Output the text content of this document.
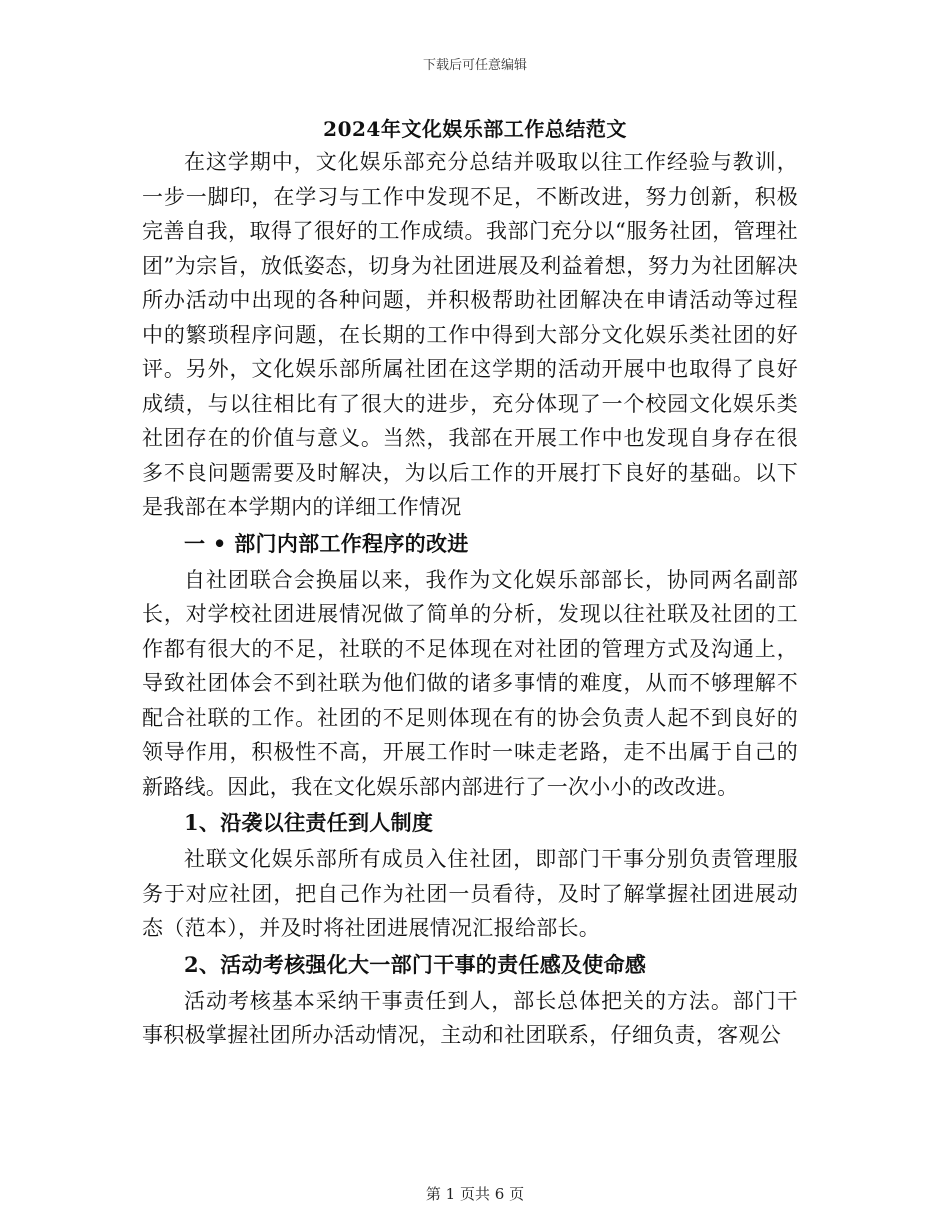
下载后可任意编辑
2024年文化娱乐部工作总结范文

在这学期中，文化娱乐部充分总结并吸取以往工作经验与教训，一步一脚印，在学习与工作中发现不足，不断改进，努力创新，积极完善自我，取得了很好的工作成绩。我部门充分以“服务社团，管理社团”为宗旨，放低姿态，切身为社团进展及利益着想，努力为社团解决所办活动中出现的各种问题，并积极帮助社团解决在申请活动等过程中的繁琐程序问题，在长期的工作中得到大部分文化娱乐类社团的好评。另外，文化娱乐部所属社团在这学期的活动开展中也取得了良好成绩，与以往相比有了很大的进步，充分体现了一个校园文化娱乐类社团存在的价值与意义。当然，我部在开展工作中也发现自身存在很多不良问题需要及时解决，为以后工作的开展打下良好的基础。以下是我部在本学期内的详细工作情况

一 • 部门内部工作程序的改进

自社团联合会换届以来，我作为文化娱乐部部长，协同两名副部长，对学校社团进展情况做了简单的分析，发现以往社联及社团的工作都有很大的不足，社联的不足体现在对社团的管理方式及沟通上，导致社团体会不到社联为他们做的诸多事情的难度，从而不够理解不配合社联的工作。社团的不足则体现在有的协会负责人起不到良好的领导作用，积极性不高，开展工作时一味走老路，走不出属于自己的新路线。因此，我在文化娱乐部内部进行了一次小小的改改进。

1、沿袭以往责任到人制度

社联文化娱乐部所有成员入住社团，即部门干事分别负责管理服务于对应社团，把自己作为社团一员看待，及时了解掌握社团进展动态（范本），并及时将社团进展情况汇报给部长。

2、活动考核强化大一部门干事的责任感及使命感

活动考核基本采纳干事责任到人，部长总体把关的方法。部门干事积极掌握社团所办活动情况，主动和社团联系，仔细负责，客观公

第 1 页共 6 页
